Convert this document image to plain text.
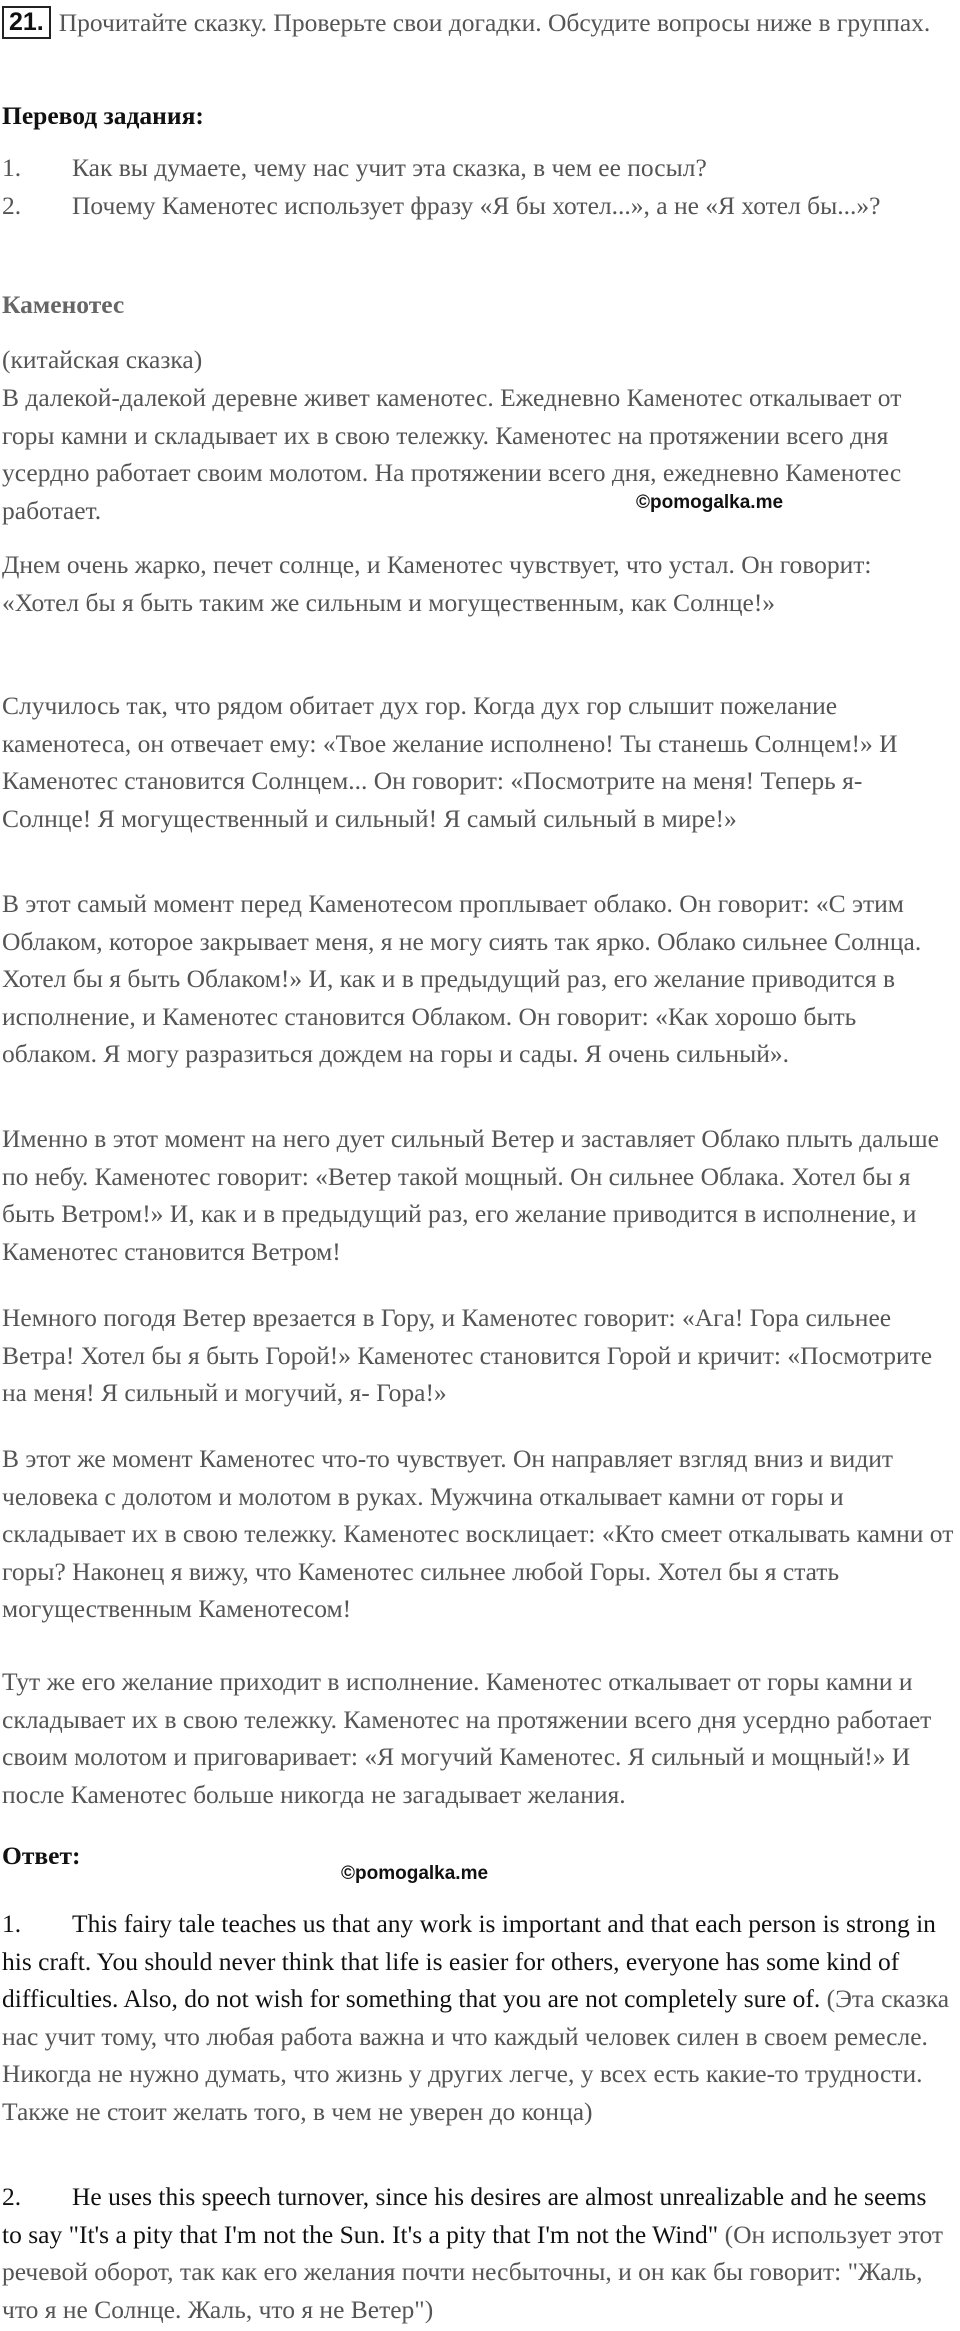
21. Прочитайте сказку. Проверьте свои догадки. Обсудите вопросы ниже в группах.

Перевод задания:

1. Как вы думаете, чему нас учит эта сказка, в чем ее посыл?

2. Почему Каменотес использует фразу «Я бы хотел...», а не «Я хотел бы...»?

Каменотес

(китайская сказка)

В далекой-далекой деревне живет каменотес. Ежедневно Каменотес откалывает от горы камни и складывает их в свою тележку. Каменотес на протяжении всего дня усердно работает своим молотом. На протяжении всего дня, ежедневно Каменотес работает.

Днем очень жарко, печет солнце, и Каменотес чувствует, что устал. Он говорит: «Хотел бы я быть таким же сильным и могущественным, как Солнце!»

Случилось так, что рядом обитает дух гор. Когда дух гор слышит пожелание каменотеса, он отвечает ему: «Твое желание исполнено! Ты станешь Солнцем!» И Каменотес становится Солнцем... Он говорит: «Посмотрите на меня! Теперь я- Солнце! Я могущественный и сильный! Я самый сильный в мире!»

В этот самый момент перед Каменотесом проплывает облако. Он говорит: «С этим Облаком, которое закрывает меня, я не могу сиять так ярко. Облако сильнее Солнца. Хотел бы я быть Облаком!» И, как и в предыдущий раз, его желание приводится в исполнение, и Каменотес становится Облаком. Он говорит: «Как хорошо быть облаком. Я могу разразиться дождем на горы и сады. Я очень сильный».

Именно в этот момент на него дует сильный Ветер и заставляет Облако плыть дальше по небу. Каменотес говорит: «Ветер такой мощный. Он сильнее Облака. Хотел бы я быть Ветром!» И, как и в предыдущий раз, его желание приводится в исполнение, и Каменотес становится Ветром!

Немного погодя Ветер врезается в Гору, и Каменотес говорит: «Ага! Гора сильнее Ветра! Хотел бы я быть Горой!» Каменотес становится Горой и кричит: «Посмотрите на меня! Я сильный и могучий, я- Гора!»

В этот же момент Каменотес что-то чувствует. Он направляет взгляд вниз и видит человека с долотом и молотом в руках. Мужчина откалывает камни от горы и складывает их в свою тележку. Каменотес восклицает: «Кто смеет откалывать камни от горы? Наконец я вижу, что Каменотес сильнее любой Горы. Хотел бы я стать могущественным Каменотесом!

Тут же его желание приходит в исполнение. Каменотес откалывает от горы камни и складывает их в свою тележку. Каменотес на протяжении всего дня усердно работает своим молотом и приговаривает: «Я могучий Каменотес. Я сильный и мощный!» И после Каменотес больше никогда не загадывает желания.

Ответ:

1. This fairy tale teaches us that any work is important and that each person is strong in his craft. You should never think that life is easier for others, everyone has some kind of difficulties. Also, do not wish for something that you are not completely sure of. (Эта сказка нас учит тому, что любая работа важна и что каждый человек силен в своем ремесле. Никогда не нужно думать, что жизнь у других легче, у всех есть какие-то трудности. Также не стоит желать того, в чем не уверен до конца)

2. He uses this speech turnover, since his desires are almost unrealizable and he seems to say "It's a pity that I'm not the Sun. It's a pity that I'm not the Wind" (Он использует этот речевой оборот, так как его желания почти несбыточны, и он как бы говорит: "Жаль, что я не Солнце. Жаль, что я не Ветер")

©pomogalka.me
©pomogalka.me
